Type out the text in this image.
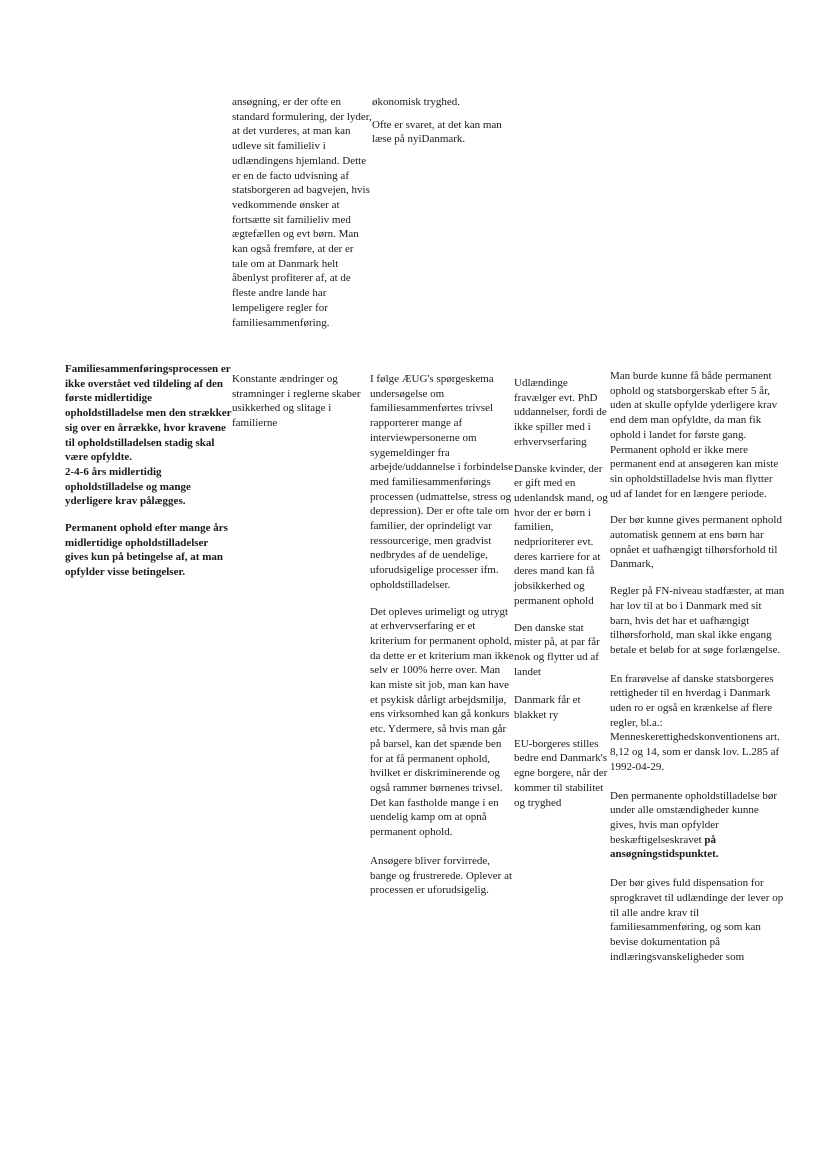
ansøgning, er der ofte en standard formulering, der lyder, at det vurderes, at man kan udleve sit familieliv i udlændingens hjemland. Dette er en de facto udvisning af statsborgeren ad bagvejen, hvis vedkommende ønsker at fortsætte sit familieliv med ægtefællen og evt børn. Man kan også fremføre, at der er tale om at Danmark helt åbenlyst profiterer af, at de fleste andre lande har lempeligere regler for familiesammenføring.

økonomisk tryghed.

Ofte er svaret, at det kan man læse på nyiDanmark.

Familiesammenføringsprocessen er ikke overstået ved tildeling af den første midlertidige opholdstilladelse men den strækker sig over en årrække, hvor kravene til opholdstilladelsen stadig skal være opfyldte.

2-4-6 års midlertidig opholdstilladelse og mange yderligere krav pålægges.

Permanent ophold efter mange års midlertidige opholdstilladelser gives kun på betingelse af, at man opfylder visse betingelser.

Konstante ændringer og stramninger i reglerne skaber usikkerhed og slitage i familierne

I følge ÆUG's spørgeskema undersøgelse om familiesammenførtes trivsel rapporterer mange af interviewpersonerne om sygemeldinger fra arbejde/uddannelse i forbindelse med familiesammenførings processen (udmattelse, stress og depression). Der er ofte tale om familier, der oprindeligt var ressourcerige, men gradvist nedbrydes af de uendelige, uforudsigelige processer ifm. opholdstilladelser.

Det opleves urimeligt og utrygt at erhvervserfaring er et kriterium for permanent ophold, da dette er et kriterium man ikke selv er 100% herre over. Man kan miste sit job, man kan have et psykisk dårligt arbejdsmiljø, ens virksomhed kan gå konkurs etc. Ydermere, så hvis man går på barsel, kan det spænde ben for at få permanent ophold, hvilket er diskriminerende og også rammer børnenes trivsel. Det kan fastholde mange i en uendelig kamp om at opnå permanent ophold.

Ansøgere bliver forvirrede, bange og frustrerede. Oplever at processen er uforudsigelig.

Udlændinge fravælger evt. PhD uddannelser, fordi de ikke spiller med i erhvervserfaring

Danske kvinder, der er gift med en udenlandsk mand, og hvor der er børn i familien, nedprioriterer evt. deres karriere for at deres mand kan få jobsikkerhed og permanent ophold

Den danske stat mister på, at par får nok og flytter ud af landet

Danmark får et blakket ry

EU-borgeres stilles bedre end Danmark's egne borgere, når der kommer til stabilitet og tryghed

Man burde kunne få både permanent ophold og statsborgerskab efter 5 år, uden at skulle opfylde yderligere krav end dem man opfyldte, da man fik ophold i landet for første gang. Permanent ophold er ikke mere permanent end at ansøgeren kan miste sin opholdstilladelse hvis man flytter ud af landet for en længere periode.

Der bør kunne gives permanent ophold automatisk gennem at ens børn har opnået et uafhængigt tilhørsforhold til Danmark,

Regler på FN-niveau stadfæster, at man har lov til at bo i Danmark med sit barn, hvis det har et uafhængigt tilhørsforhold, man skal ikke engang betale et beløb for at søge forlængelse.

En frarøvelse af danske statsborgeres rettigheder til en hverdag i Danmark uden ro er også en krænkelse af flere regler, bl.a.: Menneskerettighedskonventionens art. 8,12 og 14, som er dansk lov. L.285 af 1992-04-29.

Den permanente opholdstilladelse bør under alle omstændigheder kunne gives, hvis man opfylder beskæftigelseskravet på ansøgningstidspunktet.

Der bør gives fuld dispensation for sprogkravet til udlændinge der lever op til alle andre krav til familiesammenføring, og som kan bevise dokumentation på indlæringsvanskeligheder som
